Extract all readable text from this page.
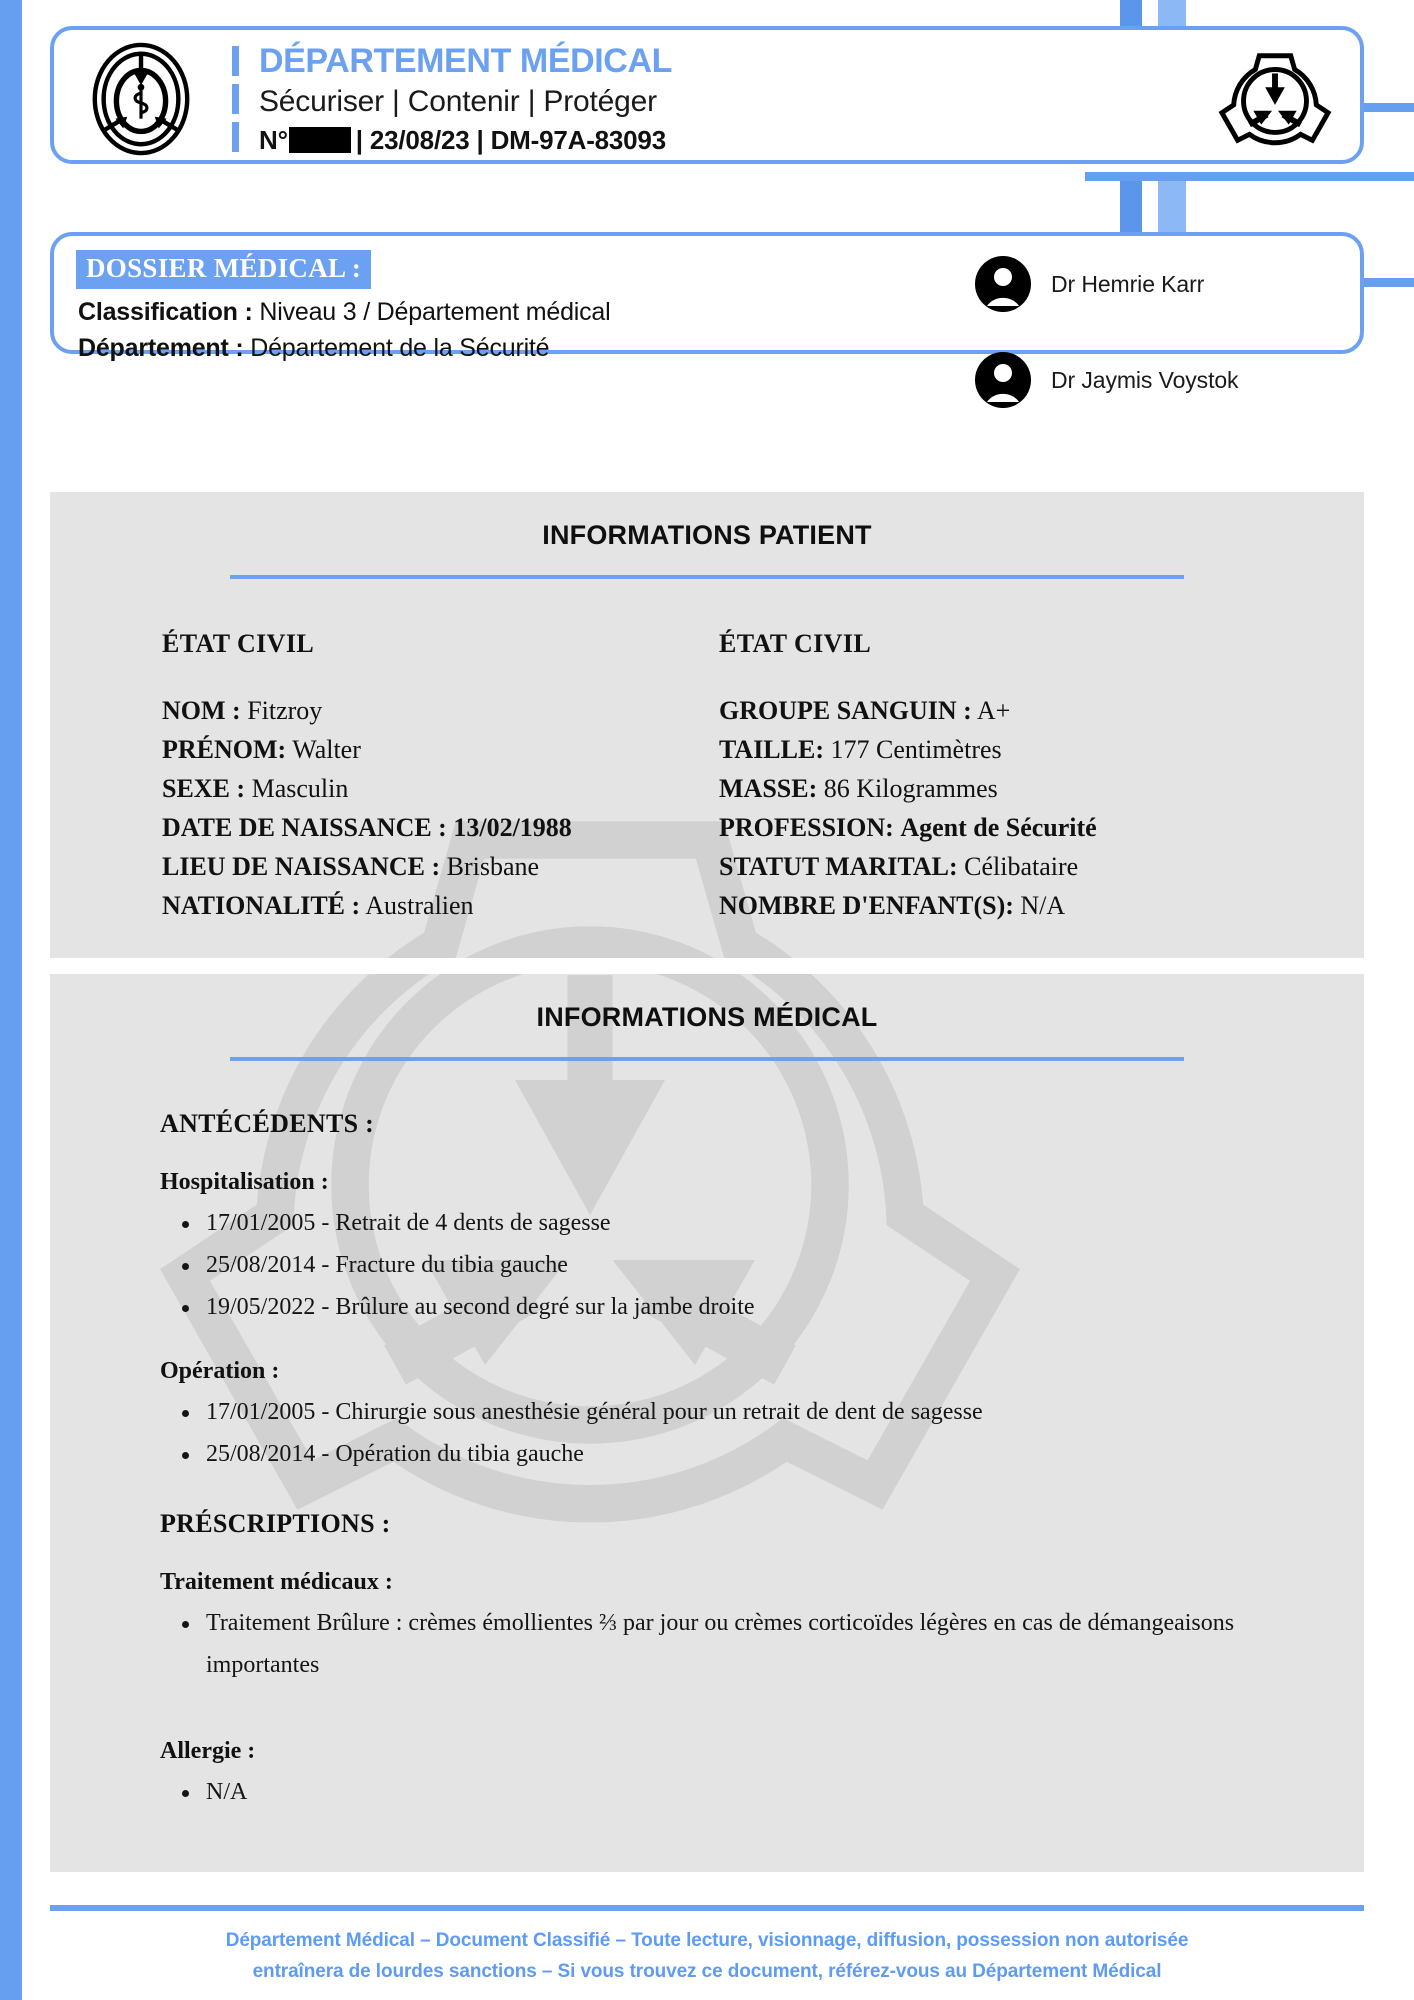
DÉPARTEMENT MÉDICAL
Sécuriser | Contenir | Protéger
N°	| 23/08/23 | DM-97A-83093
DOSSIER MÉDICAL :
Classification : Niveau 3 / Département médical
Département : Département de la Sécurité
Dr Hemrie Karr
Dr Jaymis Voystok
INFORMATIONS PATIENT
ÉTAT CIVIL
NOM : Fitzroy
PRÉNOM: Walter
SEXE : Masculin
DATE DE NAISSANCE : 13/02/1988
LIEU DE NAISSANCE : Brisbane
NATIONALITÉ : Australien
ÉTAT CIVIL
GROUPE SANGUIN : A+
TAILLE: 177 Centimètres
MASSE: 86 Kilogrammes
PROFESSION: Agent de Sécurité
STATUT MARITAL: Célibataire
NOMBRE D'ENFANT(S): N/A
INFORMATIONS MÉDICAL
ANTÉCÉDENTS :
Hospitalisation :
17/01/2005 - Retrait de 4 dents de sagesse
25/08/2014 - Fracture du tibia gauche
19/05/2022 - Brûlure au second degré sur la jambe droite
Opération :
17/01/2005 - Chirurgie sous anesthésie général pour un retrait de dent de sagesse
25/08/2014 - Opération du tibia gauche
PRÉSCRIPTIONS :
Traitement médicaux :
Traitement Brûlure : crèmes émollientes ⅔ par jour ou crèmes corticoïdes légères en cas de démangeaisons importantes
Allergie :
N/A
Département Médical – Document Classifié – Toute lecture, visionnage, diffusion, possession non autorisée
entraînera de lourdes sanctions – Si vous trouvez ce document, référez-vous au Département Médical
